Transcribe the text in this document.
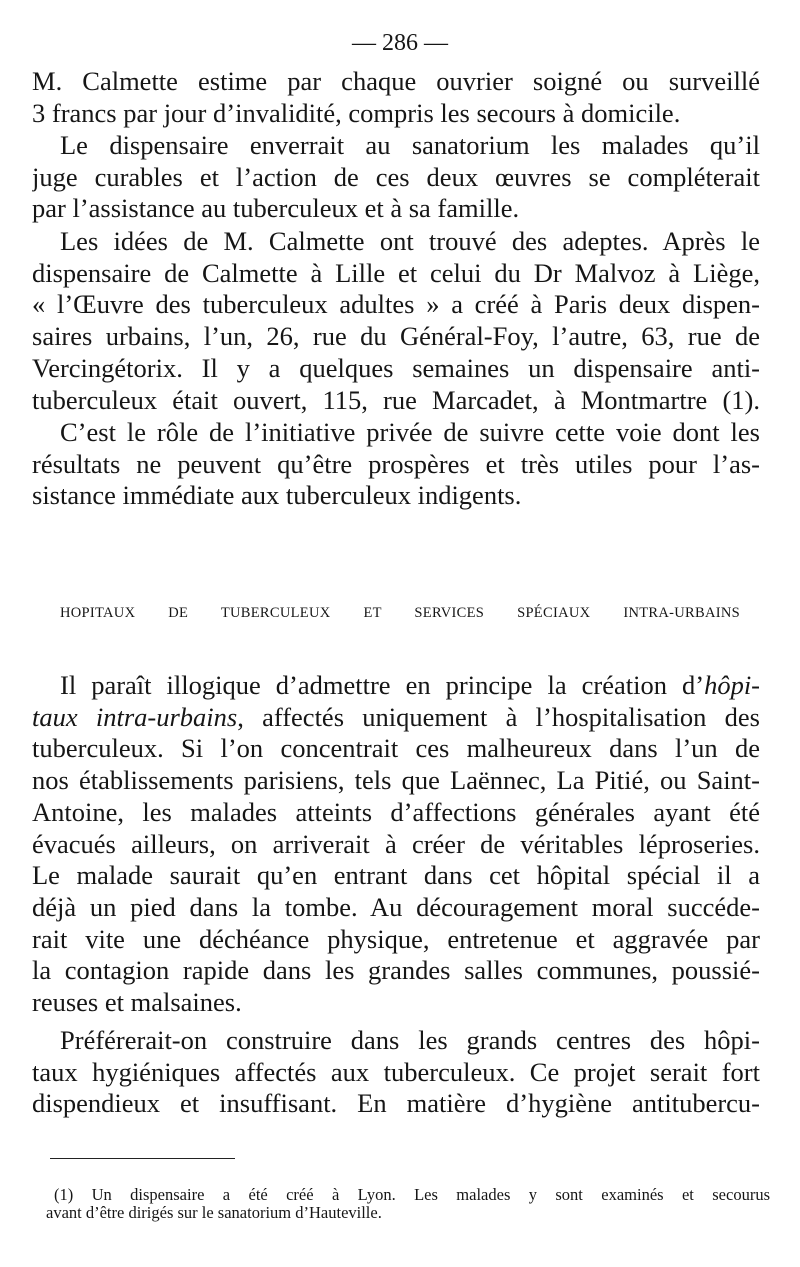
— 286 —
M. Calmette estime par chaque ouvrier soigné ou surveillé
3 francs par jour d’invalidité, compris les secours à domicile.
Le dispensaire enverrait au sanatorium les malades qu’il
juge curables et l’action de ces deux œuvres se compléterait
par l’assistance au tuberculeux et à sa famille.
Les idées de M. Calmette ont trouvé des adeptes. Après le
dispensaire de Calmette à Lille et celui du Dr Malvoz à Liège,
« l’Œuvre des tuberculeux adultes » a créé à Paris deux dispen-
saires urbains, l’un, 26, rue du Général-Foy, l’autre, 63, rue de
Vercingétorix. Il y a quelques semaines un dispensaire anti-
tuberculeux était ouvert, 115, rue Marcadet, à Montmartre (1).
C’est le rôle de l’initiative privée de suivre cette voie dont les
résultats ne peuvent qu’être prospères et très utiles pour l’as-
sistance immédiate aux tuberculeux indigents.
HOPITAUX DE TUBERCULEUX ET SERVICES SPÉCIAUX INTRA-URBAINS
Il paraît illogique d’admettre en principe la création d’hôpi-
taux intra-urbains, affectés uniquement à l’hospitalisation des
tuberculeux. Si l’on concentrait ces malheureux dans l’un de
nos établissements parisiens, tels que Laënnec, La Pitié, ou Saint-
Antoine, les malades atteints d’affections générales ayant été
évacués ailleurs, on arriverait à créer de véritables léproseries.
Le malade saurait qu’en entrant dans cet hôpital spécial il a
déjà un pied dans la tombe. Au découragement moral succéde-
rait vite une déchéance physique, entretenue et aggravée par
la contagion rapide dans les grandes salles communes, poussié-
reuses et malsaines.
Préférerait-on construire dans les grands centres des hôpi-
taux hygiéniques affectés aux tuberculeux. Ce projet serait fort
dispendieux et insuffisant. En matière d’hygiène antitubercu-
(1) Un dispensaire a été créé à Lyon. Les malades y sont examinés et secourus
avant d’être dirigés sur le sanatorium d’Hauteville.
